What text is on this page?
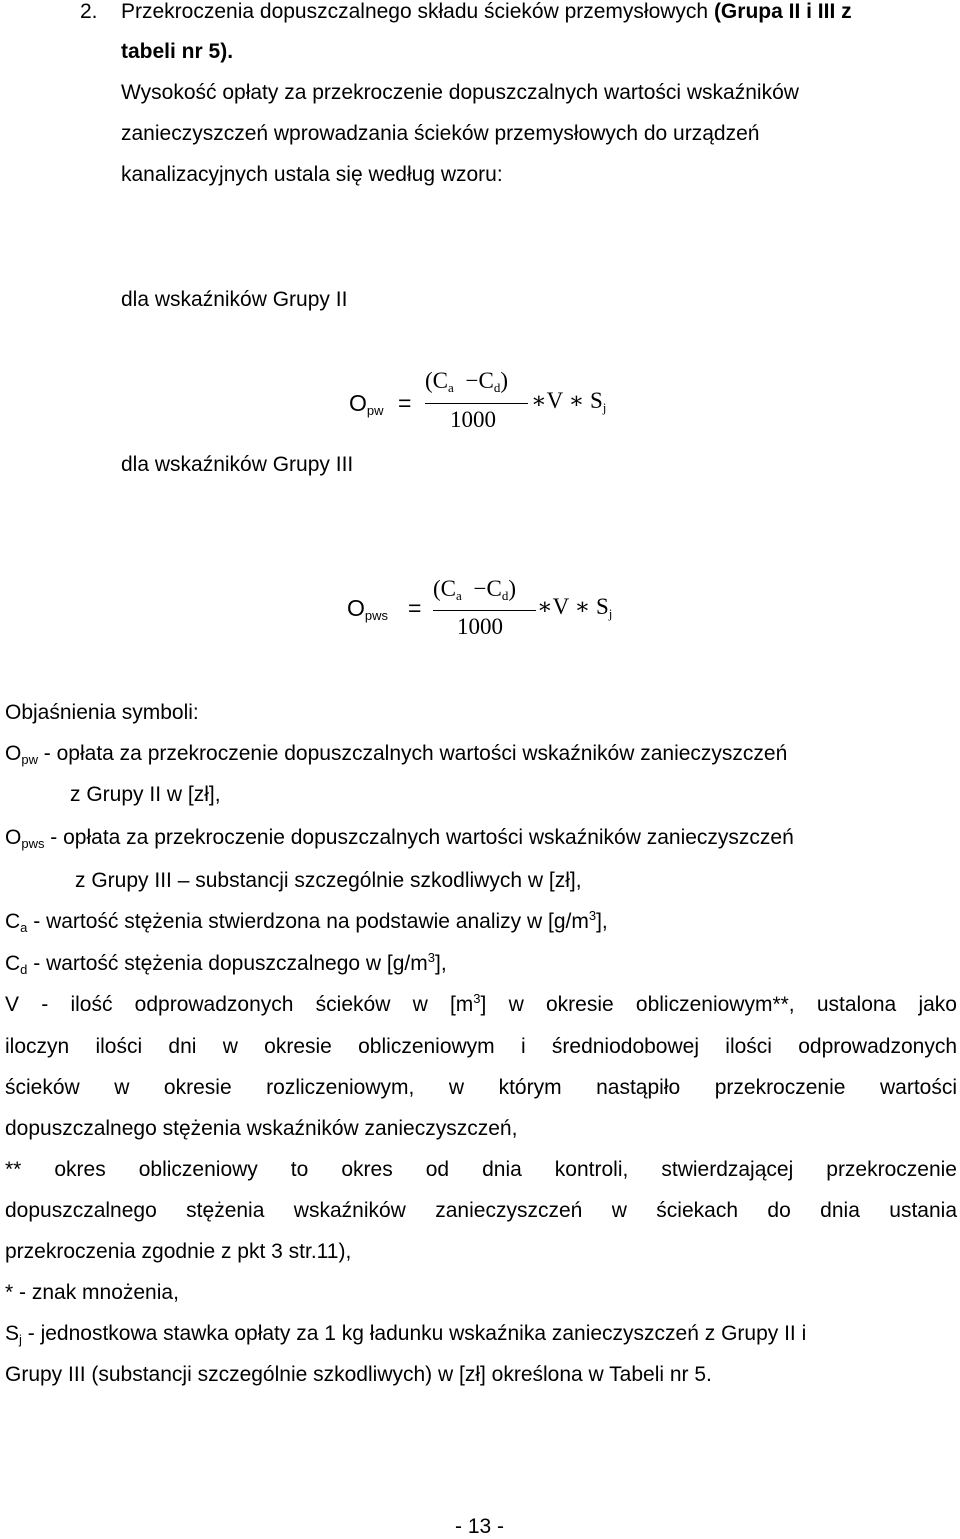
2. Przekroczenia dopuszczalnego składu ścieków przemysłowych (Grupa II i III z
tabeli nr 5).
Wysokość opłaty za przekroczenie dopuszczalnych wartości wskaźników
zanieczyszczeń wprowadzania ścieków przemysłowych do urządzeń
kanalizacyjnych ustala się według wzoru:
dla wskaźników Grupy II
$O_{pw}$ =
$(C_a -C_d)$
1000
∗V ∗ $S_j$
dla wskaźników Grupy III
$O_{pws}$ =
$(C_a -C_d)$
1000
∗V ∗ $S_j$
Objaśnienia symboli:
$O_{pw}$ - opłata za przekroczenie dopuszczalnych wartości wskaźników zanieczyszczeń
z Grupy II w [zł],
$O_{pws}$ - opłata za przekroczenie dopuszczalnych wartości wskaźników zanieczyszczeń
z Grupy III – substancji szczególnie szkodliwych w [zł],
$C_a$ - wartość stężenia stwierdzona na podstawie analizy w $[g/m^3]$,
$C_d$ - wartość stężenia dopuszczalnego w $[g/m^3]$,
V - ilość odprowadzonych ścieków w $[m^3]$ w okresie obliczeniowym**, ustalona jako
iloczyn ilości dni w okresie obliczeniowym i średniodobowej ilości odprowadzonych
ścieków w okresie rozliczeniowym, w którym nastąpiło przekroczenie wartości
dopuszczalnego stężenia wskaźników zanieczyszczeń,
** okres obliczeniowy to okres od dnia kontroli, stwierdzającej przekroczenie
dopuszczalnego stężenia wskaźników zanieczyszczeń w ściekach do dnia ustania
przekroczenia zgodnie z pkt 3 str.11),
* - znak mnożenia,
$S_j$ - jednostkowa stawka opłaty za 1 kg ładunku wskaźnika zanieczyszczeń z Grupy II i
Grupy III (substancji szczególnie szkodliwych) w [zł] określona w Tabeli nr 5.
- 13 -
